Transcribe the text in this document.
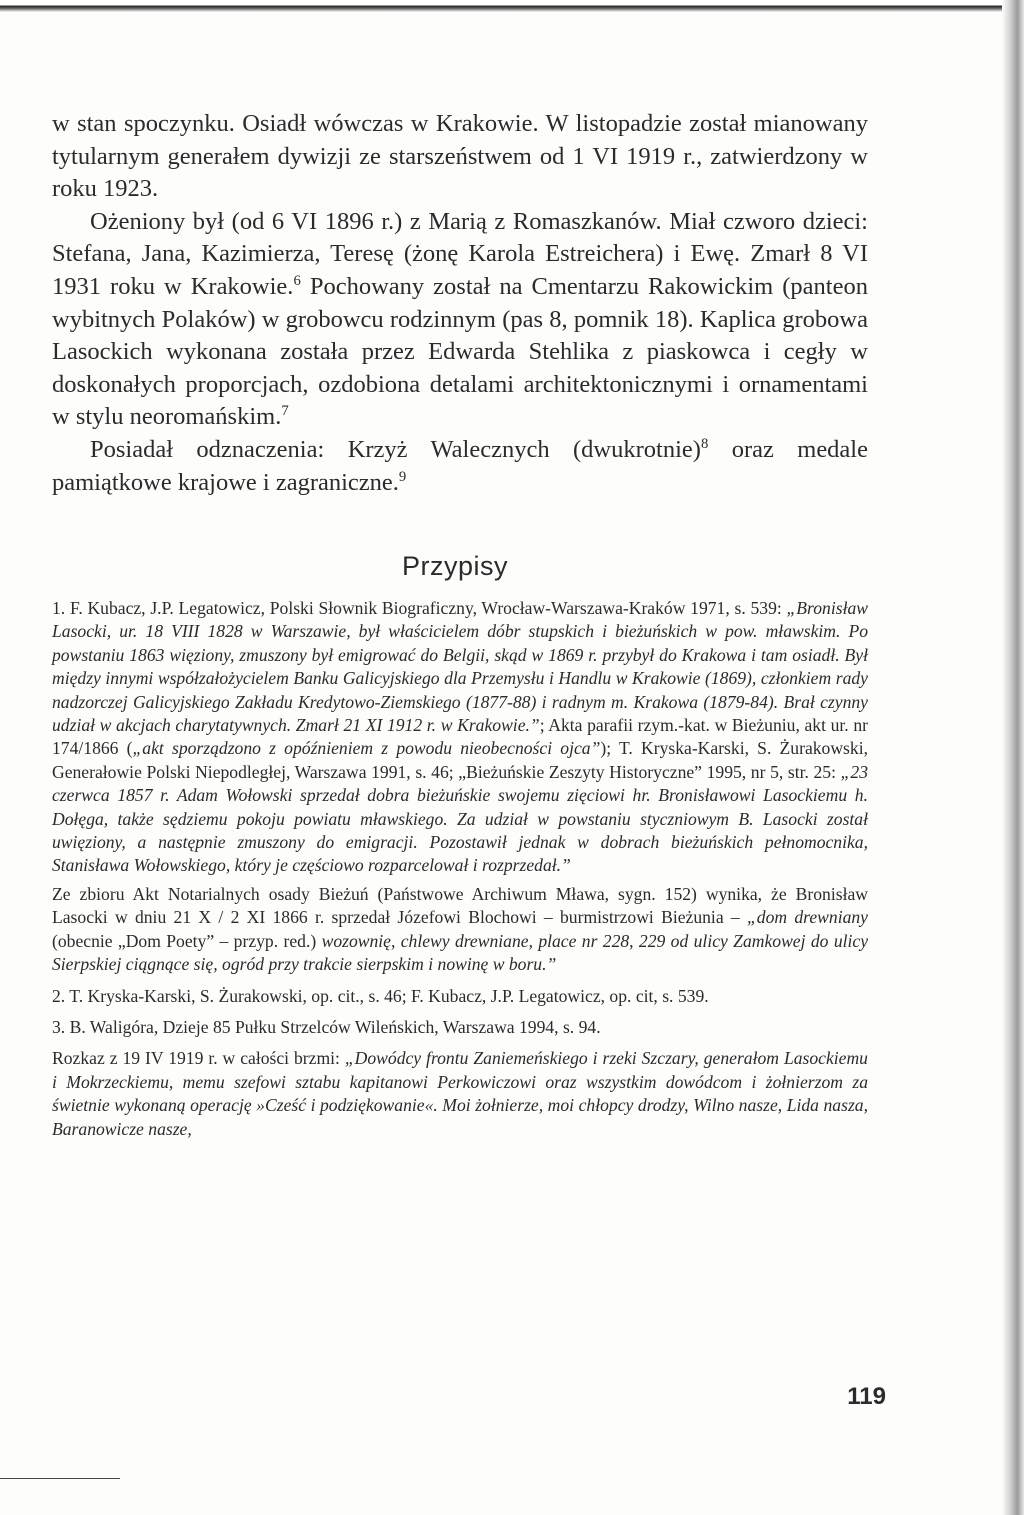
w stan spoczynku. Osiadł wówczas w Krakowie. W listopadzie został mianowany tytularnym generałem dywizji ze starszeństwem od 1 VI 1919 r., zatwierdzony w roku 1923.

Ożeniony był (od 6 VI 1896 r.) z Marią z Romaszkanów. Miał czworo dzieci: Stefana, Jana, Kazimierza, Teresę (żonę Karola Estreichera) i Ewę. Zmarł 8 VI 1931 roku w Krakowie.$^6$ Pochowany został na Cmentarzu Rakowickim (panteon wybitnych Polaków) w grobowcu rodzinnym (pas 8, pomnik 18). Kaplica grobowa Lasockich wykonana została przez Edwarda Stehlika z piaskowca i cegły w doskonałych proporcjach, ozdobiona detalami architektonicznymi i ornamentami w stylu neoromańskim.$^7$

Posiadał odznaczenia: Krzyż Walecznych (dwukrotnie)$^8$ oraz medale pamiątkowe krajowe i zagraniczne.$^9$

Przypisy

1. F. Kubacz, J.P. Legatowicz, Polski Słownik Biograficzny, Wrocław-Warszawa-Kraków 1971, s. 539: „Bronisław Lasocki, ur. 18 VIII 1828 w Warszawie, był właścicielem dóbr stupskich i bieżuńskich w pow. mławskim. Po powstaniu 1863 więziony, zmuszony był emigrować do Belgii, skąd w 1869 r. przybył do Krakowa i tam osiadł. Był między innymi współzałożycielem Banku Galicyjskiego dla Przemysłu i Handlu w Krakowie (1869), członkiem rady nadzorczej Galicyjskiego Zakładu Kredytowo-Ziemskiego (1877-88) i radnym m. Krakowa (1879-84). Brał czynny udział w akcjach charytatywnych. Zmarł 21 XI 1912 r. w Krakowie.”; Akta parafii rzym.-kat. w Bieżuniu, akt ur. nr 174/1866 („akt sporządzono z opóźnieniem z powodu nieobecności ojca”); T. Kryska-Karski, S. Żurakowski, Generałowie Polski Niepodległej, Warszawa 1991, s. 46; „Bieżuńskie Zeszyty Historyczne” 1995, nr 5, str. 25: „23 czerwca 1857 r. Adam Wołowski sprzedał dobra bieżuńskie swojemu zięciowi hr. Bronisławowi Lasockiemu h. Dołęga, także sędziemu pokoju powiatu mławskiego. Za udział w powstaniu styczniowym B. Lasocki został uwięziony, a następnie zmuszony do emigracji. Pozostawił jednak w dobrach bieżuńskich pełnomocnika, Stanisława Wołowskiego, który je częściowo rozparcelował i rozprzedał.”

Ze zbioru Akt Notarialnych osady Bieżuń (Państwowe Archiwum Mława, sygn. 152) wynika, że Bronisław Lasocki w dniu 21 X / 2 XI 1866 r. sprzedał Józefowi Blochowi – burmistrzowi Bieżunia – „dom drewniany (obecnie „Dom Poety” – przyp. red.) wozownię, chlewy drewniane, place nr 228, 229 od ulicy Zamkowej do ulicy Sierpskiej ciągnące się, ogród przy trakcie sierpskim i nowinę w boru.”

2. T. Kryska-Karski, S. Żurakowski, op. cit., s. 46; F. Kubacz, J.P. Legatowicz, op. cit, s. 539.

3. B. Waligóra, Dzieje 85 Pułku Strzelców Wileńskich, Warszawa 1994, s. 94.

Rozkaz z 19 IV 1919 r. w całości brzmi: „Dowódcy frontu Zaniemeńskiego i rzeki Szczary, generałom Lasockiemu i Mokrzeckiemu, memu szefowi sztabu kapitanowi Perkowiczowi oraz wszystkim dowódcom i żołnierzom za świetnie wykonaną operację »Cześć i podziękowanie«. Moi żołnierze, moi chłopcy drodzy, Wilno nasze, Lida nasza, Baranowicze nasze,

119
